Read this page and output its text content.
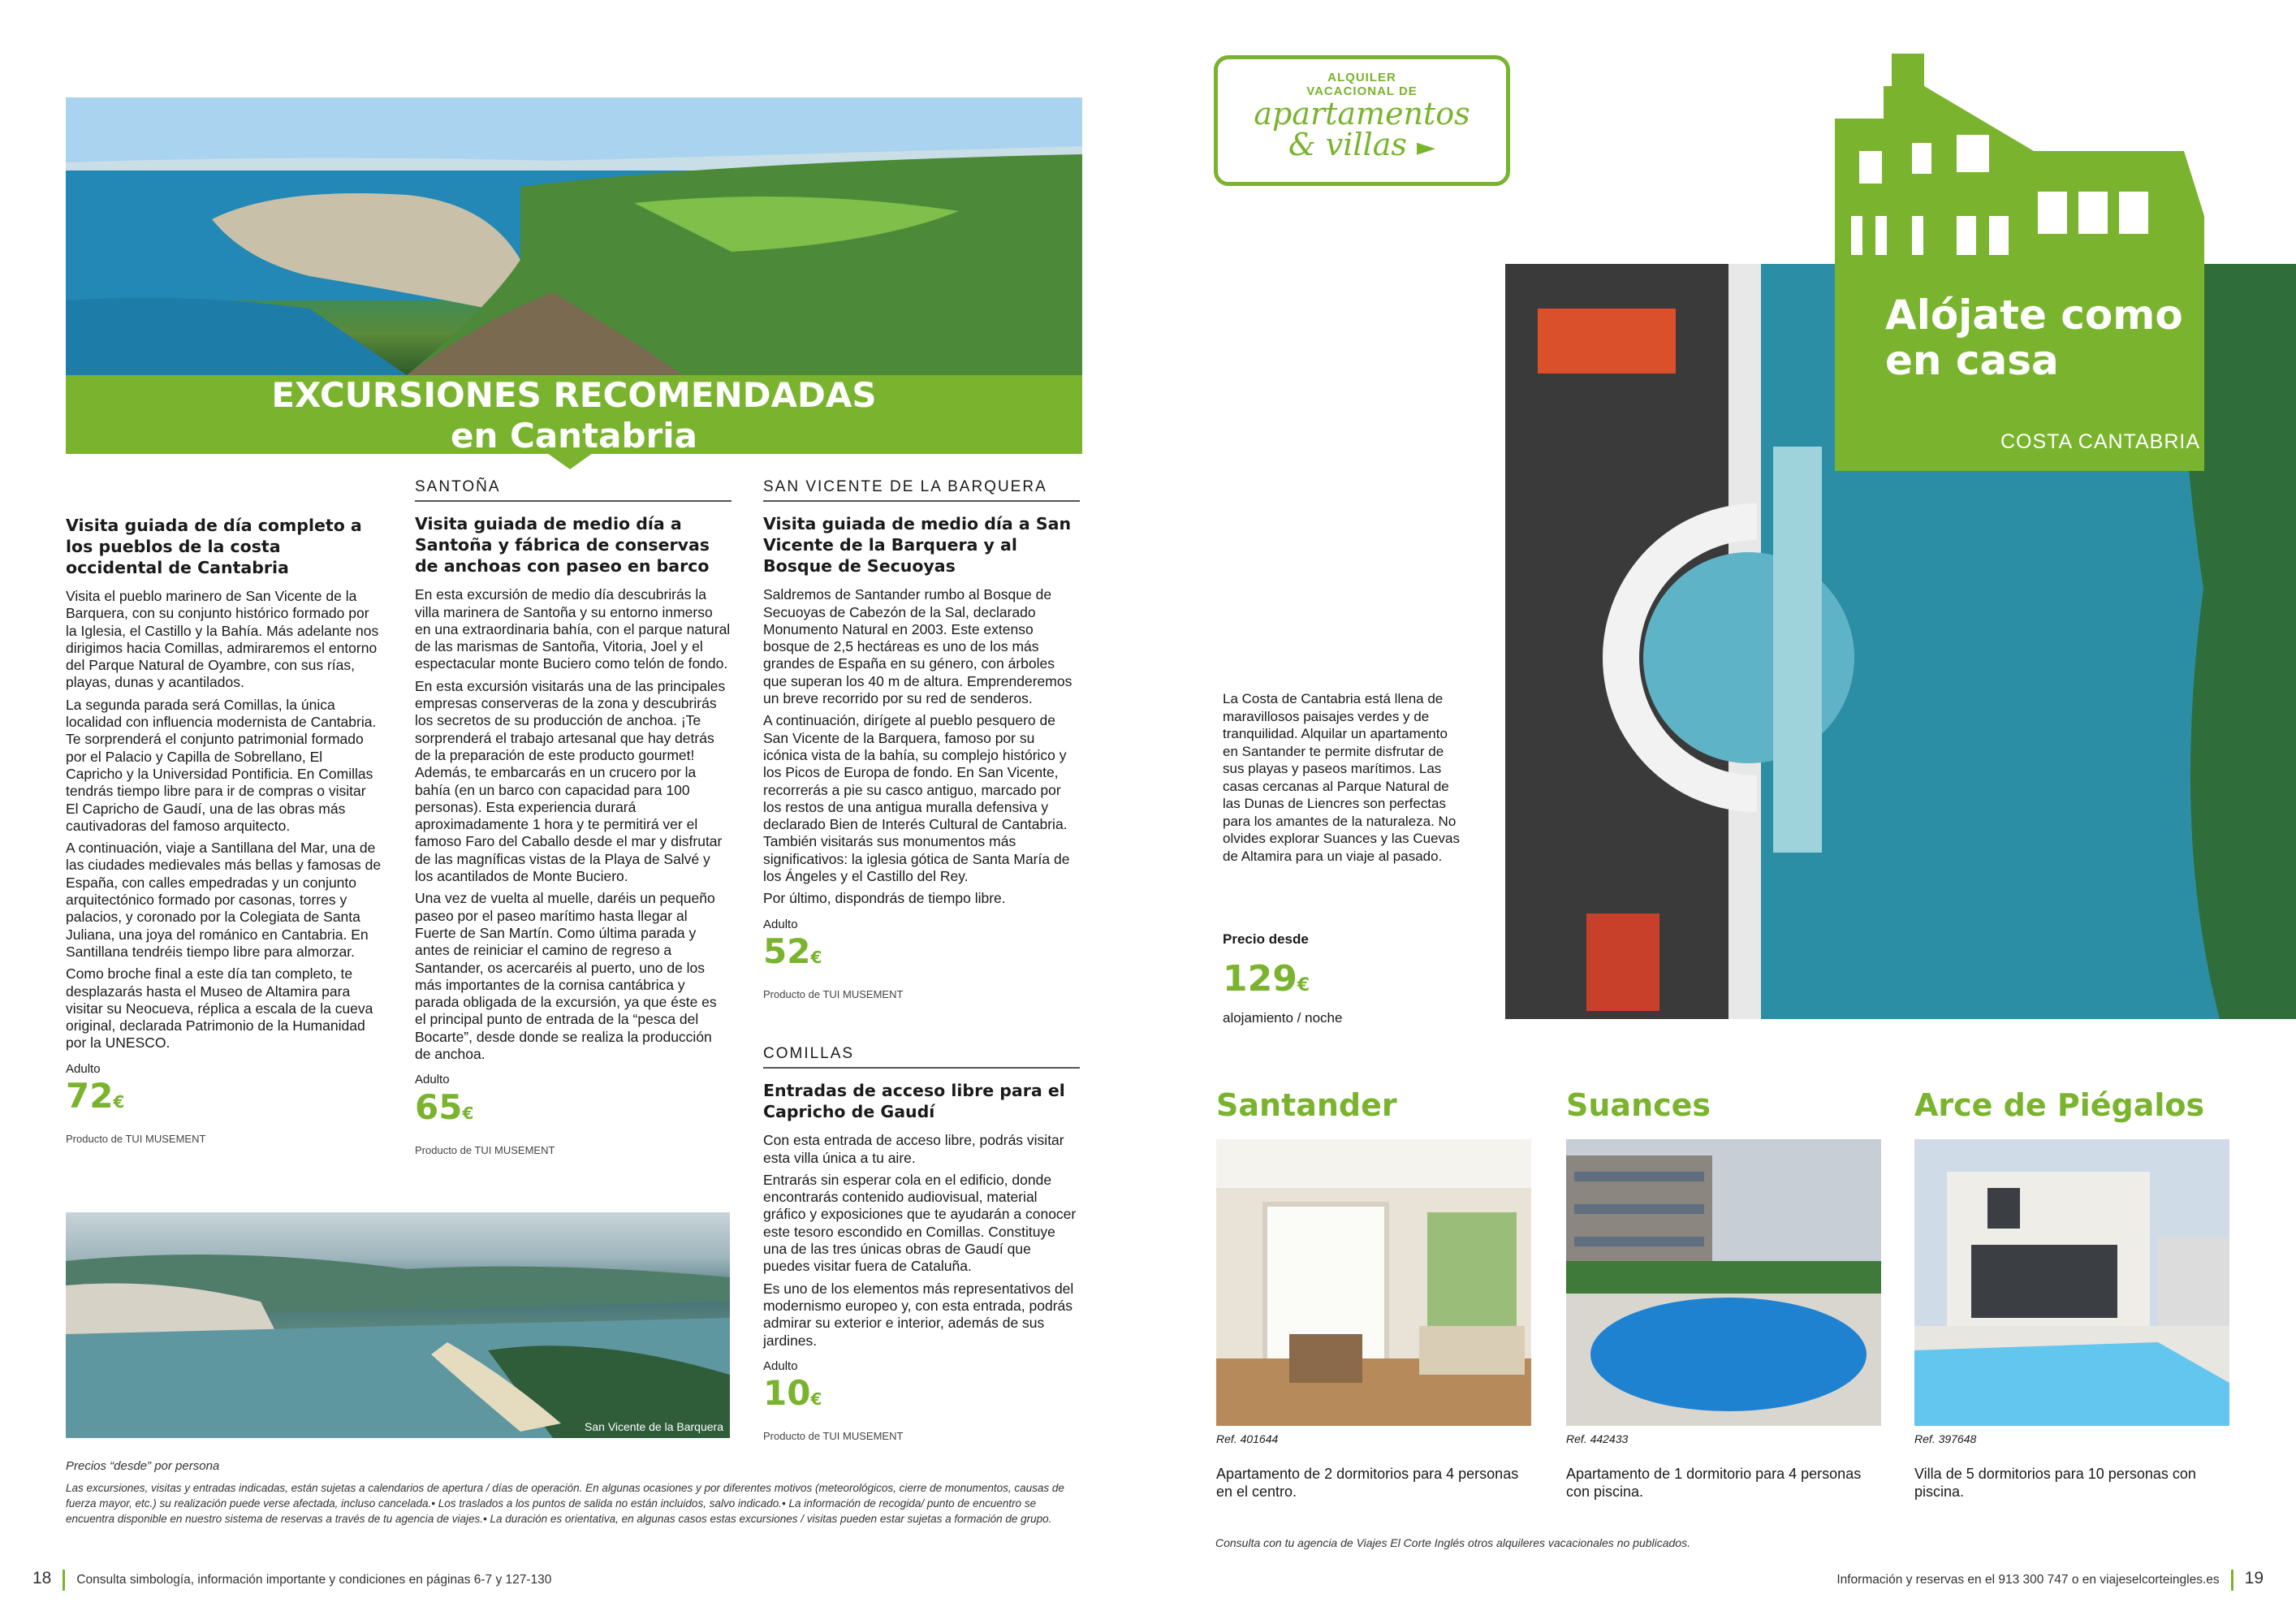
EXCURSIONES RECOMENDADAS
en Cantabria
Visita guiada de día completo a los pueblos de la costa occidental de Cantabria

Visita el pueblo marinero de San Vicente de la Barquera, con su conjunto histórico formado por la Iglesia, el Castillo y la Bahía. Más adelante nos dirigimos hacia Comillas, admiraremos el entorno del Parque Natural de Oyambre, con sus rías, playas, dunas y acantilados.

La segunda parada será Comillas, la única localidad con influencia modernista de Cantabria. Te sorprenderá el conjunto patrimonial formado por el Palacio y Capilla de Sobrellano, El Capricho y la Universidad Pontificia. En Comillas tendrás tiempo libre para ir de compras o visitar El Capricho de Gaudí, una de las obras más cautivadoras del famoso arquitecto.

A continuación, viaje a Santillana del Mar, una de las ciudades medievales más bellas y famosas de España, con calles empedradas y un conjunto arquitectónico formado por casonas, torres y palacios, y coronado por la Colegiata de Santa Juliana, una joya del románico en Cantabria. En Santillana tendréis tiempo libre para almorzar.

Como broche final a este día tan completo, te desplazarás hasta el Museo de Altamira para visitar su Neocueva, réplica a escala de la cueva original, declarada Patrimonio de la Humanidad por la UNESCO.

Adulto
72€
Producto de TUI MUSEMENT
SANTOÑA
Visita guiada de medio día a Santoña y fábrica de conservas de anchoas con paseo en barco

En esta excursión de medio día descubrirás la villa marinera de Santoña y su entorno inmerso en una extraordinaria bahía, con el parque natural de las marismas de Santoña, Vitoria, Joel y el espectacular monte Buciero como telón de fondo.

En esta excursión visitarás una de las principales empresas conserveras de la zona y descubrirás los secretos de su producción de anchoa. ¡Te sorprenderá el trabajo artesanal que hay detrás de la preparación de este producto gourmet! Además, te embarcarás en un crucero por la bahía (en un barco con capacidad para 100 personas). Esta experiencia durará aproximadamente 1 hora y te permitirá ver el famoso Faro del Caballo desde el mar y disfrutar de las magníficas vistas de la Playa de Salvé y los acantilados de Monte Buciero.

Una vez de vuelta al muelle, daréis un pequeño paseo por el paseo marítimo hasta llegar al Fuerte de San Martín. Como última parada y antes de reiniciar el camino de regreso a Santander, os acercaréis al puerto, uno de los más importantes de la cornisa cantábrica y parada obligada de la excursión, ya que éste es el principal punto de entrada de la “pesca del Bocarte”, desde donde se realiza la producción de anchoa.

Adulto
65€
Producto de TUI MUSEMENT
SAN VICENTE DE LA BARQUERA
Visita guiada de medio día a San Vicente de la Barquera y al Bosque de Secuoyas

Saldremos de Santander rumbo al Bosque de Secuoyas de Cabezón de la Sal, declarado Monumento Natural en 2003. Este extenso bosque de 2,5 hectáreas es uno de los más grandes de España en su género, con árboles que superan los 40 m de altura. Emprenderemos un breve recorrido por su red de senderos.

A continuación, dirígete al pueblo pesquero de San Vicente de la Barquera, famoso por su icónica vista de la bahía, su complejo histórico y los Picos de Europa de fondo. En San Vicente, recorrerás a pie su casco antiguo, marcado por los restos de una antigua muralla defensiva y declarado Bien de Interés Cultural de Cantabria. También visitarás sus monumentos más significativos: la iglesia gótica de Santa María de los Ángeles y el Castillo del Rey.

Por último, dispondrás de tiempo libre.

Adulto
52€
Producto de TUI MUSEMENT
COMILLAS
Entradas de acceso libre para el Capricho de Gaudí

Con esta entrada de acceso libre, podrás visitar esta villa única a tu aire.

Entrarás sin esperar cola en el edificio, donde encontrarás contenido audiovisual, material gráfico y exposiciones que te ayudarán a conocer este tesoro escondido en Comillas. Constituye una de las tres únicas obras de Gaudí que puedes visitar fuera de Cataluña.

Es uno de los elementos más representativos del modernismo europeo y, con esta entrada, podrás admirar su exterior e interior, además de sus jardines.

Adulto
10€
Producto de TUI MUSEMENT
San Vicente de la Barquera
Precios “desde” por persona
Las excursiones, visitas y entradas indicadas, están sujetas a calendarios de apertura / días de operación. En algunas ocasiones y por diferentes motivos (meteorológicos, cierre de monumentos, causas de fuerza mayor, etc.) su realización puede verse afectada, incluso cancelada.• Los traslados a los puntos de salida no están incluidos, salvo indicado.• La información de recogida/ punto de encuentro se encuentra disponible en nuestro sistema de reservas a través de tu agencia de viajes.• La duración es orientativa, en algunas casos estas excursiones / visitas pueden estar sujetas a formación de grupo.
18 Consulta simbología, información importante y condiciones en páginas 6-7 y 127-130
ALQUILER
VACACIONAL DE
apartamentos
& villas ►
Alójate como
en casa
COSTA CANTABRIA
La Costa de Cantabria está llena de maravillosos paisajes verdes y de tranquilidad. Alquilar un apartamento en Santander te permite disfrutar de sus playas y paseos marítimos. Las casas cercanas al Parque Natural de las Dunas de Liencres son perfectas para los amantes de la naturaleza. No olvides explorar Suances y las Cuevas de Altamira para un viaje al pasado.
Precio desde
129€
alojamiento / noche
Santander
Ref. 401644
Apartamento de 2 dormitorios para 4 personas en el centro.
Suances
Ref. 442433
Apartamento de 1 dormitorio para 4 personas con piscina.
Arce de Piégalos
Ref. 397648
Villa de 5 dormitorios para 10 personas con piscina.
Consulta con tu agencia de Viajes El Corte Inglés otros alquileres vacacionales no publicados.
Información y reservas en el 913 300 747 o en viajeselcorteingles.es 19
